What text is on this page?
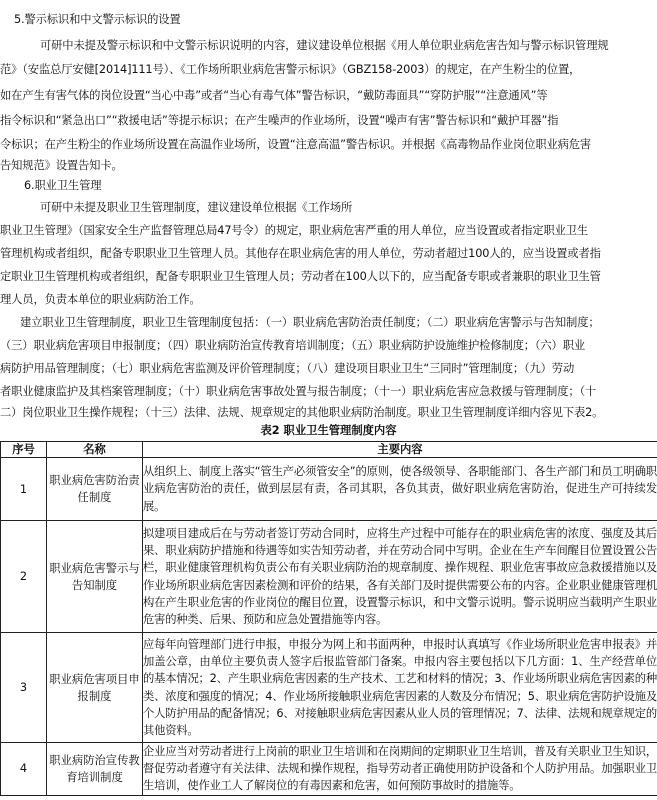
5.警示标识和中文警示标识的设置
可研中未提及警示标识和中文警示标识说明的内容，建议建设单位根据《用人单位职业病危害告知与警示标识管理规
范》（安监总厅安健[2014]111号）、《工作场所职业病危害警示标识》（GBZ158-2003）的规定，在产生粉尘的位置，
如在产生有害气体的岗位设置“当心中毒”或者“当心有毒气体”警告标识，“戴防毒面具”“穿防护服”“注意通风”等
指令标识和“紧急出口”“救援电话”等提示标识；在产生噪声的作业场所，设置“噪声有害”警告标识和“戴护耳器”指
令标识；在产生粉尘的作业场所设置在高温作业场所，设置“注意高温”警告标识。并根据《高毒物品作业岗位职业病危害
告知规范》设置告知卡。
6.职业卫生管理
可研中未提及职业卫生管理制度，建议建设单位根据《工作场所
职业卫生管理》（国家安全生产监督管理总局47号令）的规定，职业病危害严重的用人单位，应当设置或者指定职业卫生
管理机构或者组织，配备专职职业卫生管理人员。其他存在职业病危害的用人单位，劳动者超过100人的，应当设置或者指
定职业卫生管理机构或者组织，配备专职职业卫生管理人员；劳动者在100人以下的，应当配备专职或者兼职的职业卫生管
理人员，负责本单位的职业病防治工作。
建立职业卫生管理制度，职业卫生管理制度包括：（一）职业病危害防治责任制度；（二）职业病危害警示与告知制度；
（三）职业病危害项目申报制度；（四）职业病防治宣传教育培训制度；（五）职业病防护设施维护检修制度；（六）职业
病防护用品管理制度；（七）职业病危害监测及评价管理制度；（八）建设项目职业卫生“三同时”管理制度；（九）劳动
者职业健康监护及其档案管理制度；（十）职业病危害事故处置与报告制度；（十一）职业病危害应急救援与管理制度；（十
二）岗位职业卫生操作规程；（十三）法律、法规、规章规定的其他职业病防治制度。职业卫生管理制度详细内容见下表2。
表2 职业卫生管理制度内容
序号	名称	主要内容
1	职业病危害防治责任制度	从组织上、制度上落实“管生产必须管安全”的原则，使各级领导、各职能部门、各生产部门和员工明确职业病危害防治的责任，做到层层有责，各司其职，各负其责，做好职业病危害防治，促进生产可持续发展。
2	职业病危害警示与告知制度	拟建项目建成后在与劳动者签订劳动合同时，应将生产过程中可能存在的职业病危害的浓度、强度及其后果、职业病防护措施和待遇等如实告知劳动者，并在劳动合同中写明。企业在生产车间醒目位置设置公告栏，职业健康管理机构负责公布有关职业病防治的规章制度、操作规程、职业危害事故应急救援措施以及作业场所职业病危害因素检测和评价的结果，各有关部门及时提供需要公布的内容。企业职业健康管理机构在产生职业危害的作业岗位的醒目位置，设置警示标识，和中文警示说明。警示说明应当载明产生职业危害的种类、后果、预防和应急处置措施等内容。
3	职业病危害项目申报制度	应每年向管理部门进行申报，申报分为网上和书面两种，申报时认真填写《作业场所职业危害申报表》并加盖公章，由单位主要负责人签字后报监管部门备案。申报内容主要包括以下几方面：1、生产经营单位的基本情况；2、产生职业病危害因素的生产技术、工艺和材料的情况；3、作业场所职业病危害因素的种类、浓度和强度的情况；4、作业场所接触职业病危害因素的人数及分布情况；5、职业病危害防护设施及个人防护用品的配备情况；6、对接触职业病危害因素从业人员的管理情况；7、法律、法规和规章规定的其他资料。
4	职业病防治宣传教育培训制度	企业应当对劳动者进行上岗前的职业卫生培训和在岗期间的定期职业卫生培训，普及有关职业卫生知识，督促劳动者遵守有关法律、法规和操作规程，指导劳动者正确使用防护设备和个人防护用品。加强职业卫生培训，使作业工人了解岗位的有毒因素和危害，如何预防事故时的措施等。
